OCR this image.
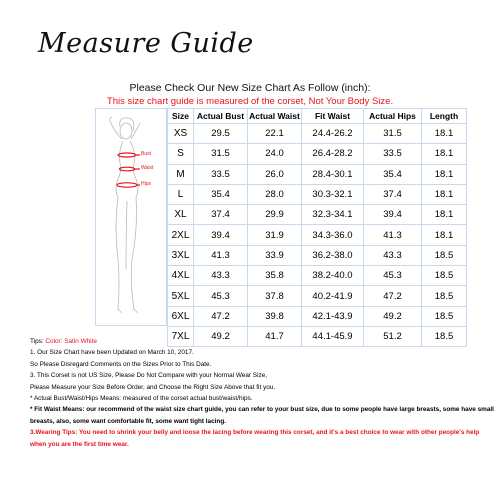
Measure Guide
Please Check Our New Size Chart As Follow (inch):
This size chart guide is measured of the corset, Not Your Body Size.
Bust
Waist
Hips
Size	Actual Bust	Actual Waist	Fit Waist	Actual Hips	Length
XS	29.5	22.1	24.4-26.2	31.5	18.1
S	31.5	24.0	26.4-28.2	33.5	18.1
M	33.5	26.0	28.4-30.1	35.4	18.1
L	35.4	28.0	30.3-32.1	37.4	18.1
XL	37.4	29.9	32.3-34.1	39.4	18.1
2XL	39.4	31.9	34.3-36.0	41.3	18.1
3XL	41.3	33.9	36.2-38.0	43.3	18.5
4XL	43.3	35.8	38.2-40.0	45.3	18.5
5XL	45.3	37.8	40.2-41.9	47.2	18.5
6XL	47.2	39.8	42.1-43.9	49.2	18.5
7XL	49.2	41.7	44.1-45.9	51.2	18.5
Tips: Color: Satin White
1. Our Size Chart have been Updated on March 10, 2017.
So Please Disregard Comments on the Sizes Prior to This Date.
3. This Corset is not US Size, Please Do Not Compare with your Normal Wear Size,
Please Measure your Size Before Order, and Choose the Right Size Above that fit you.
* Actual Bust/Waist/Hips Means: measured of the corset actual bust/waist/hips.
* Fit Waist Means: our recommend of the waist size chart guide, you can refer to your bust size, due to some people have large breasts, some have small breasts, also, some want comfortable fit, some want tight lacing.
3.Wearing Tips: You need to shrink your belly and loose the lacing before wearing this corset, and it's a best choice to wear with other people's help when you are the first time wear.
